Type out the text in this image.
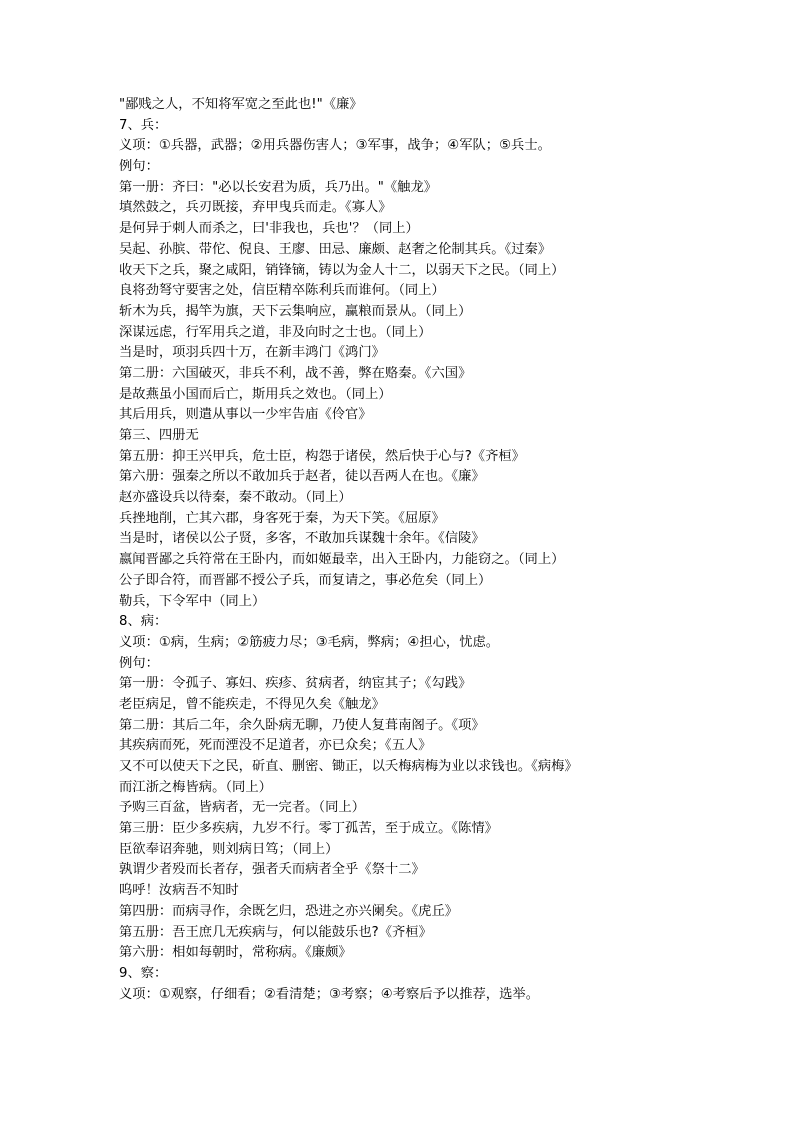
"鄙贱之人，不知将军宽之至此也!"《廉》
7、兵：
义项：①兵器，武器；②用兵器伤害人；③军事，战争；④军队；⑤兵士。
例句：
第一册：齐曰："必以长安君为质，兵乃出。"《触龙》
填然鼓之，兵刃既接，弃甲曳兵而走。《寡人》
是何异于刺人而杀之，曰'非我也，兵也'？（同上）
吴起、孙膑、带佗、倪良、王廖、田忌、廉颇、赵奢之伦制其兵。《过秦》
收天下之兵，聚之咸阳，销锋镝，铸以为金人十二，以弱天下之民。（同上）
良将劲弩守要害之处，信臣精卒陈利兵而谁何。（同上）
斩木为兵，揭竿为旗，天下云集响应，赢粮而景从。（同上）
深谋远虑，行军用兵之道，非及向时之士也。（同上）
当是时，项羽兵四十万，在新丰鸿门《鸿门》
第二册：六国破灭，非兵不利，战不善，弊在赂秦。《六国》
是故燕虽小国而后亡，斯用兵之效也。（同上）
其后用兵，则遣从事以一少牢告庙《伶官》
第三、四册无
第五册：抑王兴甲兵，危士臣，构怨于诸侯，然后快于心与?《齐桓》
第六册：强秦之所以不敢加兵于赵者，徒以吾两人在也。《廉》
赵亦盛设兵以待秦，秦不敢动。（同上）
兵挫地削，亡其六郡，身客死于秦，为天下笑。《屈原》
当是时，诸侯以公子贤，多客，不敢加兵谋魏十余年。《信陵》
嬴闻晋鄙之兵符常在王卧内，而如姬最幸，出入王卧内，力能窃之。（同上）
公子即合符，而晋鄙不授公子兵，而复请之，事必危矣（同上）
勒兵，下令军中（同上）
8、病：
义项：①病，生病；②筋疲力尽；③毛病，弊病；④担心，忧虑。
例句：
第一册：令孤子、寡妇、疾疹、贫病者，纳宦其子；《勾践》
老臣病足，曾不能疾走，不得见久矣《触龙》
第二册：其后二年，余久卧病无聊，乃使人复葺南阁子。《项》
其疾病而死，死而湮没不足道者，亦已众矣；《五人》
又不可以使天下之民，斫直、删密、锄正，以夭梅病梅为业以求钱也。《病梅》
而江浙之梅皆病。（同上）
予购三百盆，皆病者，无一完者。（同上）
第三册：臣少多疾病，九岁不行。零丁孤苦，至于成立。《陈情》
臣欲奉诏奔驰，则刘病日笃；（同上）
孰谓少者殁而长者存，强者夭而病者全乎《祭十二》
呜呼！汝病吾不知时
第四册：而病寻作，余既乞归，恐进之亦兴阑矣。《虎丘》
第五册：吾王庶几无疾病与，何以能鼓乐也?《齐桓》
第六册：相如每朝时，常称病。《廉颇》
9、察：
义项：①观察，仔细看；②看清楚；③考察；④考察后予以推荐，选举。
